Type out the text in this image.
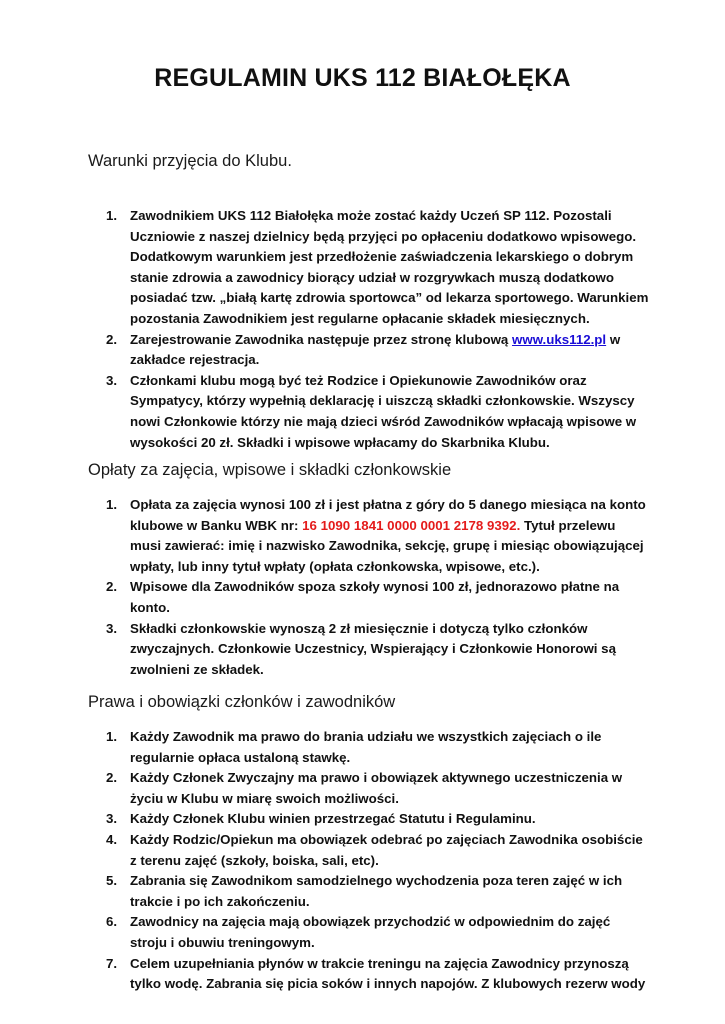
REGULAMIN UKS 112 BIAŁOŁĘKA
Warunki przyjęcia do Klubu.
1. Zawodnikiem UKS 112 Białołęka może zostać każdy Uczeń SP 112. Pozostali Uczniowie z naszej dzielnicy będą przyjęci po opłaceniu dodatkowo wpisowego. Dodatkowym warunkiem jest przedłożenie zaświadczenia lekarskiego o dobrym stanie zdrowia a zawodnicy biorący udział w rozgrywkach muszą dodatkowo posiadać tzw. „białą kartę zdrowia sportowca” od lekarza sportowego. Warunkiem pozostania Zawodnikiem jest regularne opłacanie składek miesięcznych.
2. Zarejestrowanie Zawodnika następuje przez stronę klubową www.uks112.pl w zakładce rejestracja.
3. Członkami klubu mogą być też Rodzice i Opiekunowie Zawodników oraz Sympatycy, którzy wypełnią deklarację i uiszczą składki członkowskie. Wszyscy nowi Członkowie którzy nie mają dzieci wśród Zawodników wpłacają wpisowe w wysokości 20 zł. Składki i wpisowe wpłacamy do Skarbnika Klubu.
Opłaty za zajęcia, wpisowe i składki członkowskie
1. Opłata za zajęcia wynosi 100 zł i jest płatna z góry do 5 danego miesiąca na konto klubowe w Banku WBK nr: 16 1090 1841 0000 0001 2178 9392. Tytuł przelewu musi zawierać: imię i nazwisko Zawodnika, sekcję, grupę i miesiąc obowiązującej wpłaty, lub inny tytuł wpłaty (opłata członkowska, wpisowe, etc.).
2. Wpisowe dla Zawodników spoza szkoły wynosi 100 zł, jednorazowo płatne na konto.
3. Składki członkowskie wynoszą 2 zł miesięcznie i dotyczą tylko członków zwyczajnych. Członkowie Uczestnicy, Wspierający i Członkowie Honorowi są zwolnieni ze składek.
Prawa i obowiązki członków i zawodników
1. Każdy Zawodnik ma prawo do brania udziału we wszystkich zajęciach o ile regularnie opłaca ustaloną stawkę.
2. Każdy Członek Zwyczajny ma prawo i obowiązek aktywnego uczestniczenia w życiu w Klubu w miarę swoich możliwości.
3. Każdy Członek Klubu winien przestrzegać Statutu i Regulaminu.
4. Każdy Rodzic/Opiekun ma obowiązek odebrać po zajęciach Zawodnika osobiście z terenu zajęć (szkoły, boiska, sali, etc).
5. Zabrania się Zawodnikom samodzielnego wychodzenia poza teren zajęć w ich trakcie i po ich zakończeniu.
6. Zawodnicy na zajęcia mają obowiązek przychodzić w odpowiednim do zajęć stroju i obuwiu treningowym.
7. Celem uzupełniania płynów w trakcie treningu na zajęcia Zawodnicy przynoszą tylko wodę. Zabrania się picia soków i innych napojów. Z klubowych rezerw wody
